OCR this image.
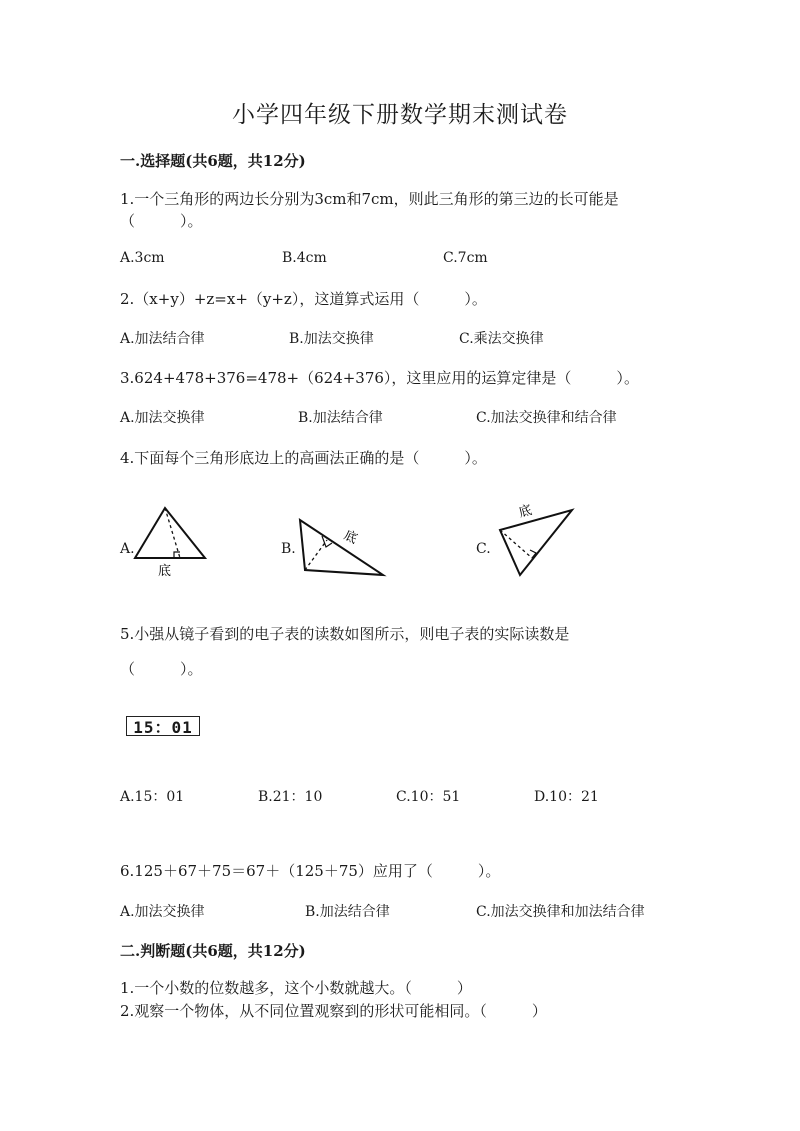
小学四年级下册数学期末测试卷
一.选择题(共6题，共12分)
1.一个三角形的两边长分别为3cm和7cm，则此三角形的第三边的长可能是
（　　　）。
A.3cm	B.4cm	C.7cm
2.（x+y）+z=x+（y+z），这道算式运用（　　　）。
A.加法结合律	B.加法交换律	C.乘法交换律
3.624+478+376=478+（624+376），这里应用的运算定律是（　　　）。
A.加法交换律	B.加法结合律	C.加法交换律和结合律
4.下面每个三角形底边上的高画法正确的是（　　　）。
A.
底
B.
底
C.
底
5.小强从镜子看到的电子表的读数如图所示，则电子表的实际读数是
（　　　）。
15：01
A.15：01	B.21：10	C.10：51	D.10：21
6.125＋67＋75＝67＋（125＋75）应用了（　　　）。
A.加法交换律	B.加法结合律	C.加法交换律和加法结合律
二.判断题(共6题，共12分)
1.一个小数的位数越多，这个小数就越大。（　　　）
2.观察一个物体，从不同位置观察到的形状可能相同。（　　　）
